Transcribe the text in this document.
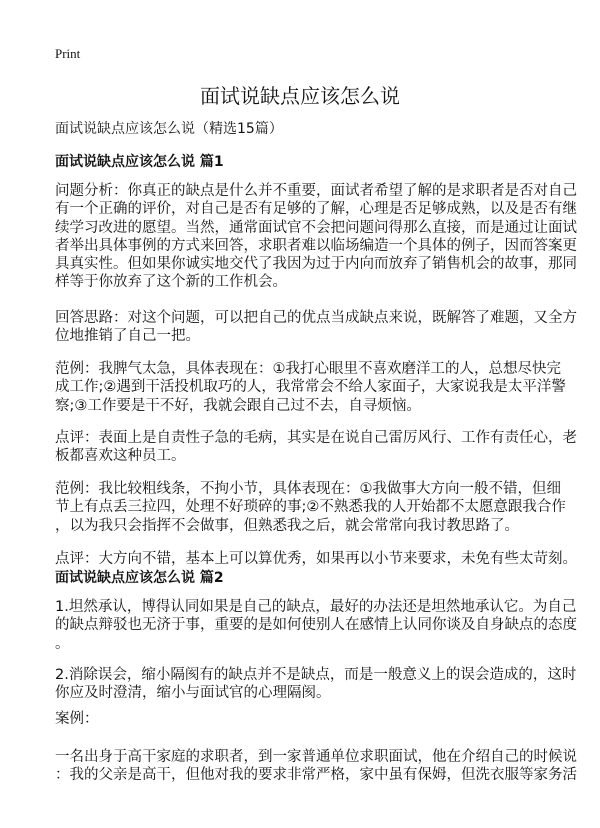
Print
面试说缺点应该怎么说
面试说缺点应该怎么说（精选15篇）
面试说缺点应该怎么说 篇1
面试说缺点应该怎么说 篇2
问题分析：你真正的缺点是什么并不重要，面试者希望了解的是求职者是否对自己
有一个正确的评价，对自己是否有足够的了解，心理是否足够成熟，以及是否有继
续学习改进的愿望。当然，通常面试官不会把问题问得那么直接，而是通过让面试
者举出具体事例的方式来回答，求职者难以临场编造一个具体的例子，因而答案更
具真实性。但如果你诚实地交代了我因为过于内向而放弃了销售机会的故事，那同
样等于你放弃了这个新的工作机会。
回答思路：对这个问题，可以把自己的优点当成缺点来说，既解答了难题，又全方
位地推销了自己一把。
范例：我脾气太急，具体表现在：①我打心眼里不喜欢磨洋工的人，总想尽快完
成工作;②遇到干活投机取巧的人，我常常会不给人家面子，大家说我是太平洋警
察;③工作要是干不好，我就会跟自己过不去，自寻烦恼。
点评：表面上是自责性子急的毛病，其实是在说自己雷厉风行、工作有责任心，老
板都喜欢这种员工。
范例：我比较粗线条，不拘小节，具体表现在：①我做事大方向一般不错，但细
节上有点丢三拉四，处理不好琐碎的事;②不熟悉我的人开始都不太愿意跟我合作
，以为我只会指挥不会做事，但熟悉我之后，就会常常向我讨教思路了。
点评：大方向不错，基本上可以算优秀，如果再以小节来要求，未免有些太苛刻。
1.坦然承认，博得认同如果是自己的缺点，最好的办法还是坦然地承认它。为自己
的缺点辩驳也无济于事，重要的是如何使别人在感情上认同你谈及自身缺点的态度
。
2.消除误会，缩小隔阂有的缺点并不是缺点，而是一般意义上的误会造成的，这时
你应及时澄清，缩小与面试官的心理隔阂。
案例：
一名出身于高干家庭的求职者，到一家普通单位求职面试，他在介绍自己的时候说
：我的父亲是高干，但他对我的要求非常严格，家中虽有保姆，但洗衣服等家务活
